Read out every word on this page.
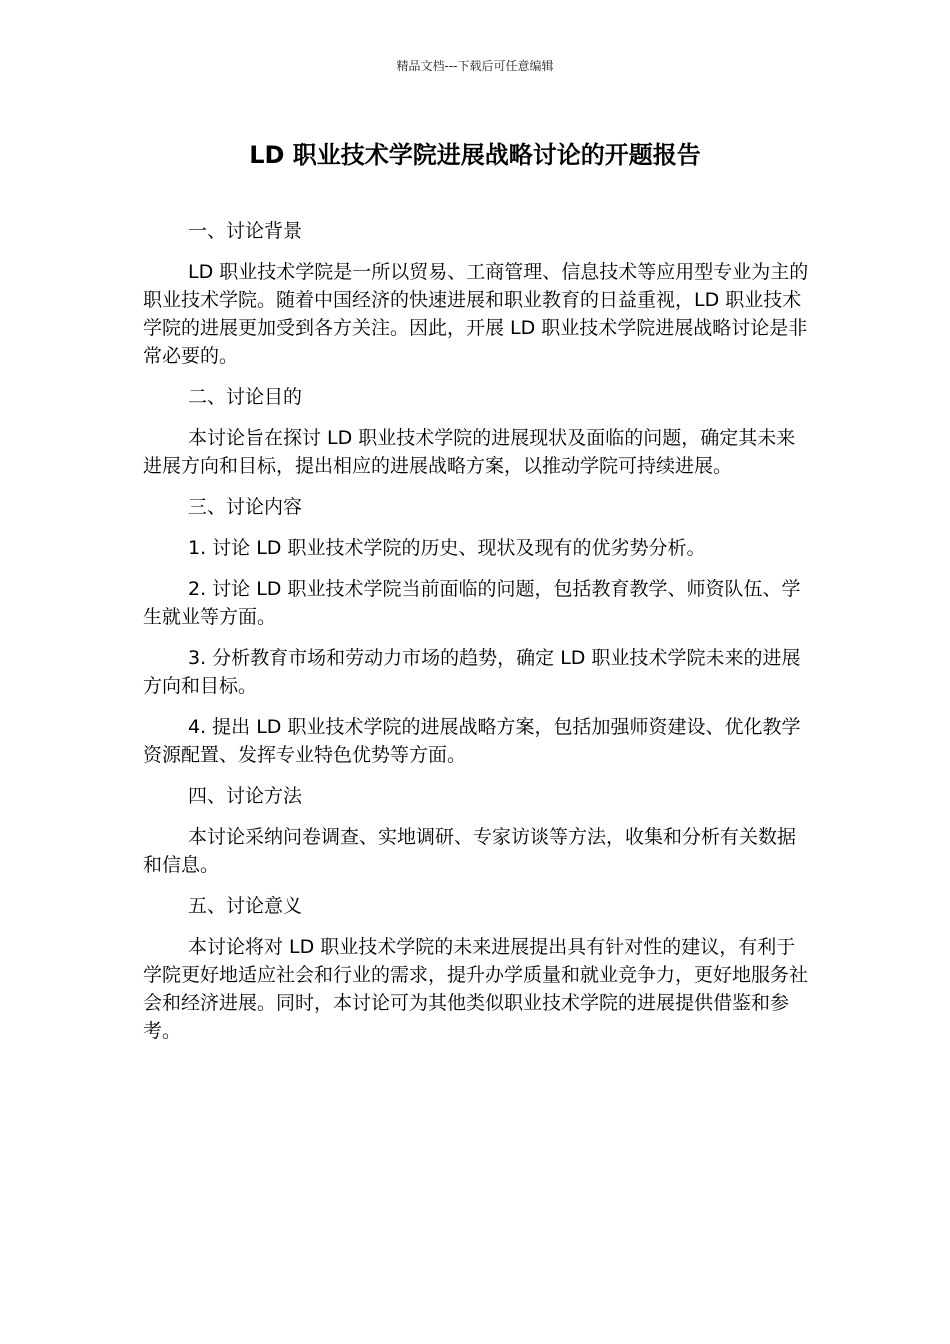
精品文档---下载后可任意编辑
LD 职业技术学院进展战略讨论的开题报告

一、讨论背景

LD 职业技术学院是一所以贸易、工商管理、信息技术等应用型专业为主的职业技术学院。随着中国经济的快速进展和职业教育的日益重视，LD 职业技术学院的进展更加受到各方关注。因此，开展 LD 职业技术学院进展战略讨论是非常必要的。

二、讨论目的

本讨论旨在探讨 LD 职业技术学院的进展现状及面临的问题，确定其未来进展方向和目标，提出相应的进展战略方案，以推动学院可持续进展。

三、讨论内容

1. 讨论 LD 职业技术学院的历史、现状及现有的优劣势分析。

2. 讨论 LD 职业技术学院当前面临的问题，包括教育教学、师资队伍、学生就业等方面。

3. 分析教育市场和劳动力市场的趋势，确定 LD 职业技术学院未来的进展方向和目标。

4. 提出 LD 职业技术学院的进展战略方案，包括加强师资建设、优化教学资源配置、发挥专业特色优势等方面。

四、讨论方法

本讨论采纳问卷调查、实地调研、专家访谈等方法，收集和分析有关数据和信息。

五、讨论意义

本讨论将对 LD 职业技术学院的未来进展提出具有针对性的建议，有利于学院更好地适应社会和行业的需求，提升办学质量和就业竞争力，更好地服务社会和经济进展。同时，本讨论可为其他类似职业技术学院的进展提供借鉴和参考。
